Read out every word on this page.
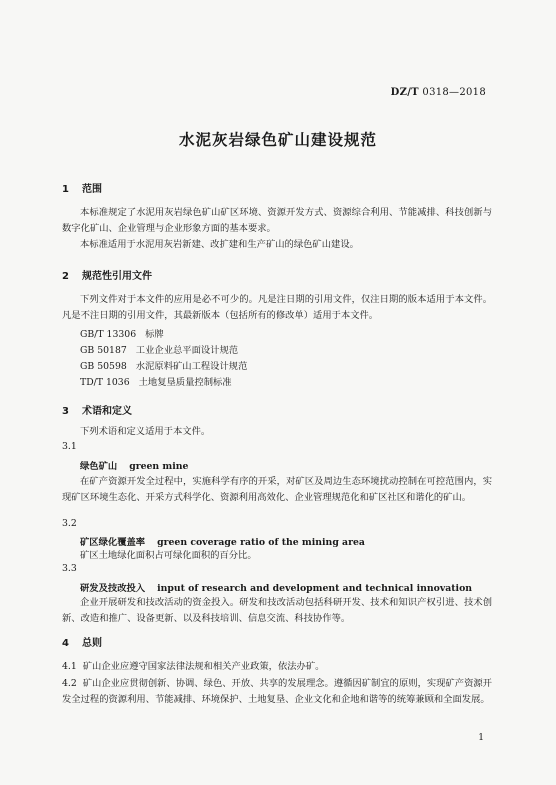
DZ/T 0318—2018
水泥灰岩绿色矿山建设规范
1 范围
本标准规定了水泥用灰岩绿色矿山矿区环境、资源开发方式、资源综合利用、节能减排、科技创新与数字化矿山、企业管理与企业形象方面的基本要求。
本标准适用于水泥用灰岩新建、改扩建和生产矿山的绿色矿山建设。
2 规范性引用文件
下列文件对于本文件的应用是必不可少的。凡是注日期的引用文件，仅注日期的版本适用于本文件。凡是不注日期的引用文件，其最新版本（包括所有的修改单）适用于本文件。
GB/T 13306 标牌
GB 50187 工业企业总平面设计规范
GB 50598 水泥原料矿山工程设计规范
TD/T 1036 土地复垦质量控制标准
3 术语和定义
下列术语和定义适用于本文件。
3.1
绿色矿山 green mine
在矿产资源开发全过程中，实施科学有序的开采，对矿区及周边生态环境扰动控制在可控范围内，实现矿区环境生态化、开采方式科学化、资源利用高效化、企业管理规范化和矿区社区和谐化的矿山。
3.2
矿区绿化覆盖率 green coverage ratio of the mining area
矿区土地绿化面积占可绿化面积的百分比。
3.3
研发及技改投入 input of research and development and technical innovation
企业开展研发和技改活动的资金投入。研发和技改活动包括科研开发、技术和知识产权引进、技术创新、改造和推广、设备更新、以及科技培训、信息交流、科技协作等。
4 总则
4.1 矿山企业应遵守国家法律法规和相关产业政策，依法办矿。
4.2 矿山企业应贯彻创新、协调、绿色、开放、共享的发展理念。遵循因矿制宜的原则，实现矿产资源开发全过程的资源利用、节能减排、环境保护、土地复垦、企业文化和企地和谐等的统筹兼顾和全面发展。
1
